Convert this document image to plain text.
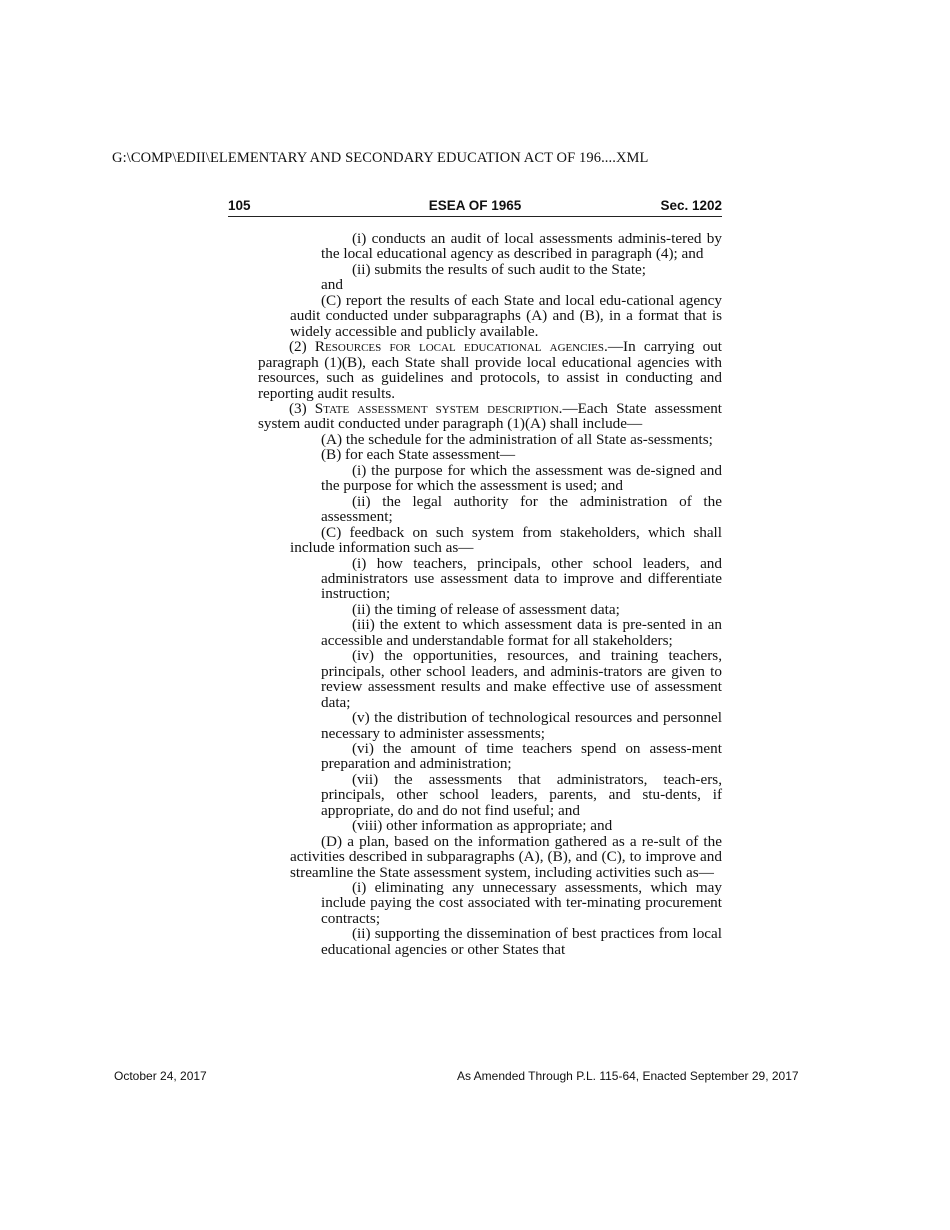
G:\COMP\EDII\ELEMENTARY AND SECONDARY EDUCATION ACT OF 196....XML
105	ESEA OF 1965	Sec. 1202

(i) conducts an audit of local assessments adminis-tered by the local educational agency as described in paragraph (4); and

(ii) submits the results of such audit to the State;

and

(C) report the results of each State and local edu-cational agency audit conducted under subparagraphs (A) and (B), in a format that is widely accessible and publicly available.

(2) Resources for local educational agencies.—In carrying out paragraph (1)(B), each State shall provide local educational agencies with resources, such as guidelines and protocols, to assist in conducting and reporting audit results.

(3) State assessment system description.—Each State assessment system audit conducted under paragraph (1)(A) shall include—

(A) the schedule for the administration of all State as-sessments;

(B) for each State assessment—

(i) the purpose for which the assessment was de-signed and the purpose for which the assessment is used; and

(ii) the legal authority for the administration of the assessment;

(C) feedback on such system from stakeholders, which shall include information such as—

(i) how teachers, principals, other school leaders, and administrators use assessment data to improve and differentiate instruction;

(ii) the timing of release of assessment data;

(iii) the extent to which assessment data is pre-sented in an accessible and understandable format for all stakeholders;

(iv) the opportunities, resources, and training teachers, principals, other school leaders, and adminis-trators are given to review assessment results and make effective use of assessment data;

(v) the distribution of technological resources and personnel necessary to administer assessments;

(vi) the amount of time teachers spend on assess-ment preparation and administration;

(vii) the assessments that administrators, teach-ers, principals, other school leaders, parents, and stu-dents, if appropriate, do and do not find useful; and

(viii) other information as appropriate; and

(D) a plan, based on the information gathered as a re-sult of the activities described in subparagraphs (A), (B), and (C), to improve and streamline the State assessment system, including activities such as—

(i) eliminating any unnecessary assessments, which may include paying the cost associated with ter-minating procurement contracts;

(ii) supporting the dissemination of best practices from local educational agencies or other States that

October 24, 2017	As Amended Through P.L. 115-64, Enacted September 29, 2017
